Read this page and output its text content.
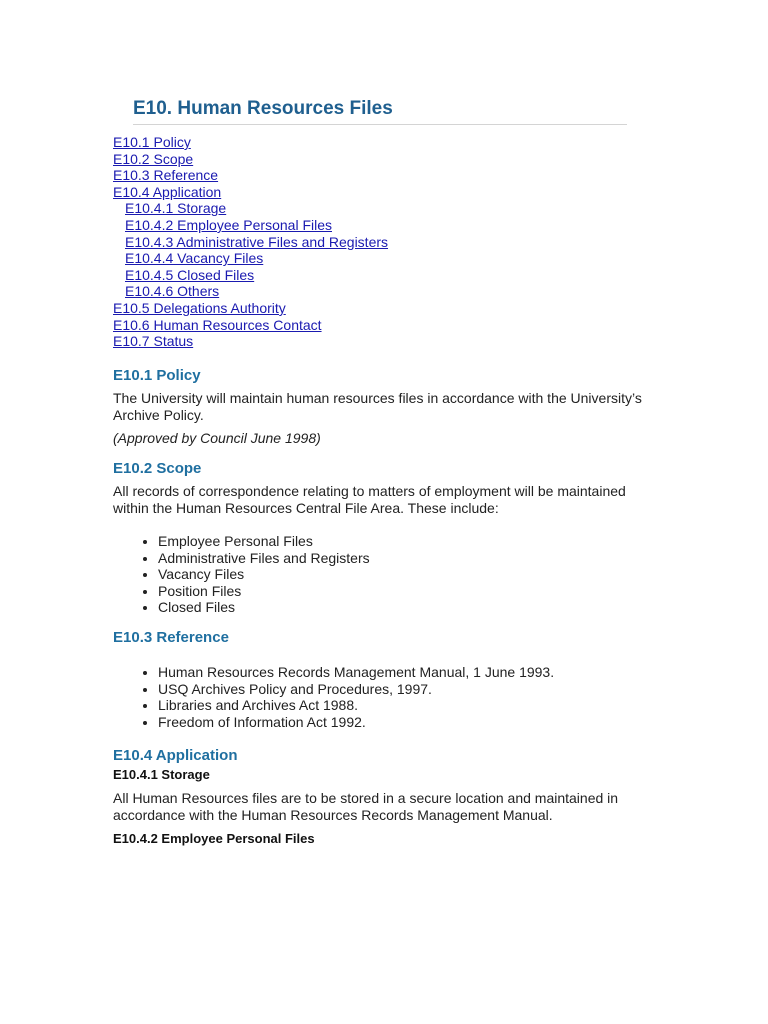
E10. Human Resources Files
E10.1 Policy
E10.2 Scope
E10.3 Reference
E10.4 Application
E10.4.1 Storage
E10.4.2 Employee Personal Files
E10.4.3 Administrative Files and Registers
E10.4.4 Vacancy Files
E10.4.5 Closed Files
E10.4.6 Others
E10.5 Delegations Authority
E10.6 Human Resources Contact
E10.7 Status
E10.1 Policy

The University will maintain human resources files in accordance with the University’s Archive Policy.

(Approved by Council June 1998)

E10.2 Scope

All records of correspondence relating to matters of employment will be maintained within the Human Resources Central File Area. These include:

• Employee Personal Files
• Administrative Files and Registers
• Vacancy Files
• Position Files
• Closed Files
E10.3 Reference
• Human Resources Records Management Manual, 1 June 1993.
• USQ Archives Policy and Procedures, 1997.
• Libraries and Archives Act 1988.
• Freedom of Information Act 1992.
E10.4 Application
E10.4.1 Storage

All Human Resources files are to be stored in a secure location and maintained in accordance with the Human Resources Records Management Manual.

E10.4.2 Employee Personal Files
